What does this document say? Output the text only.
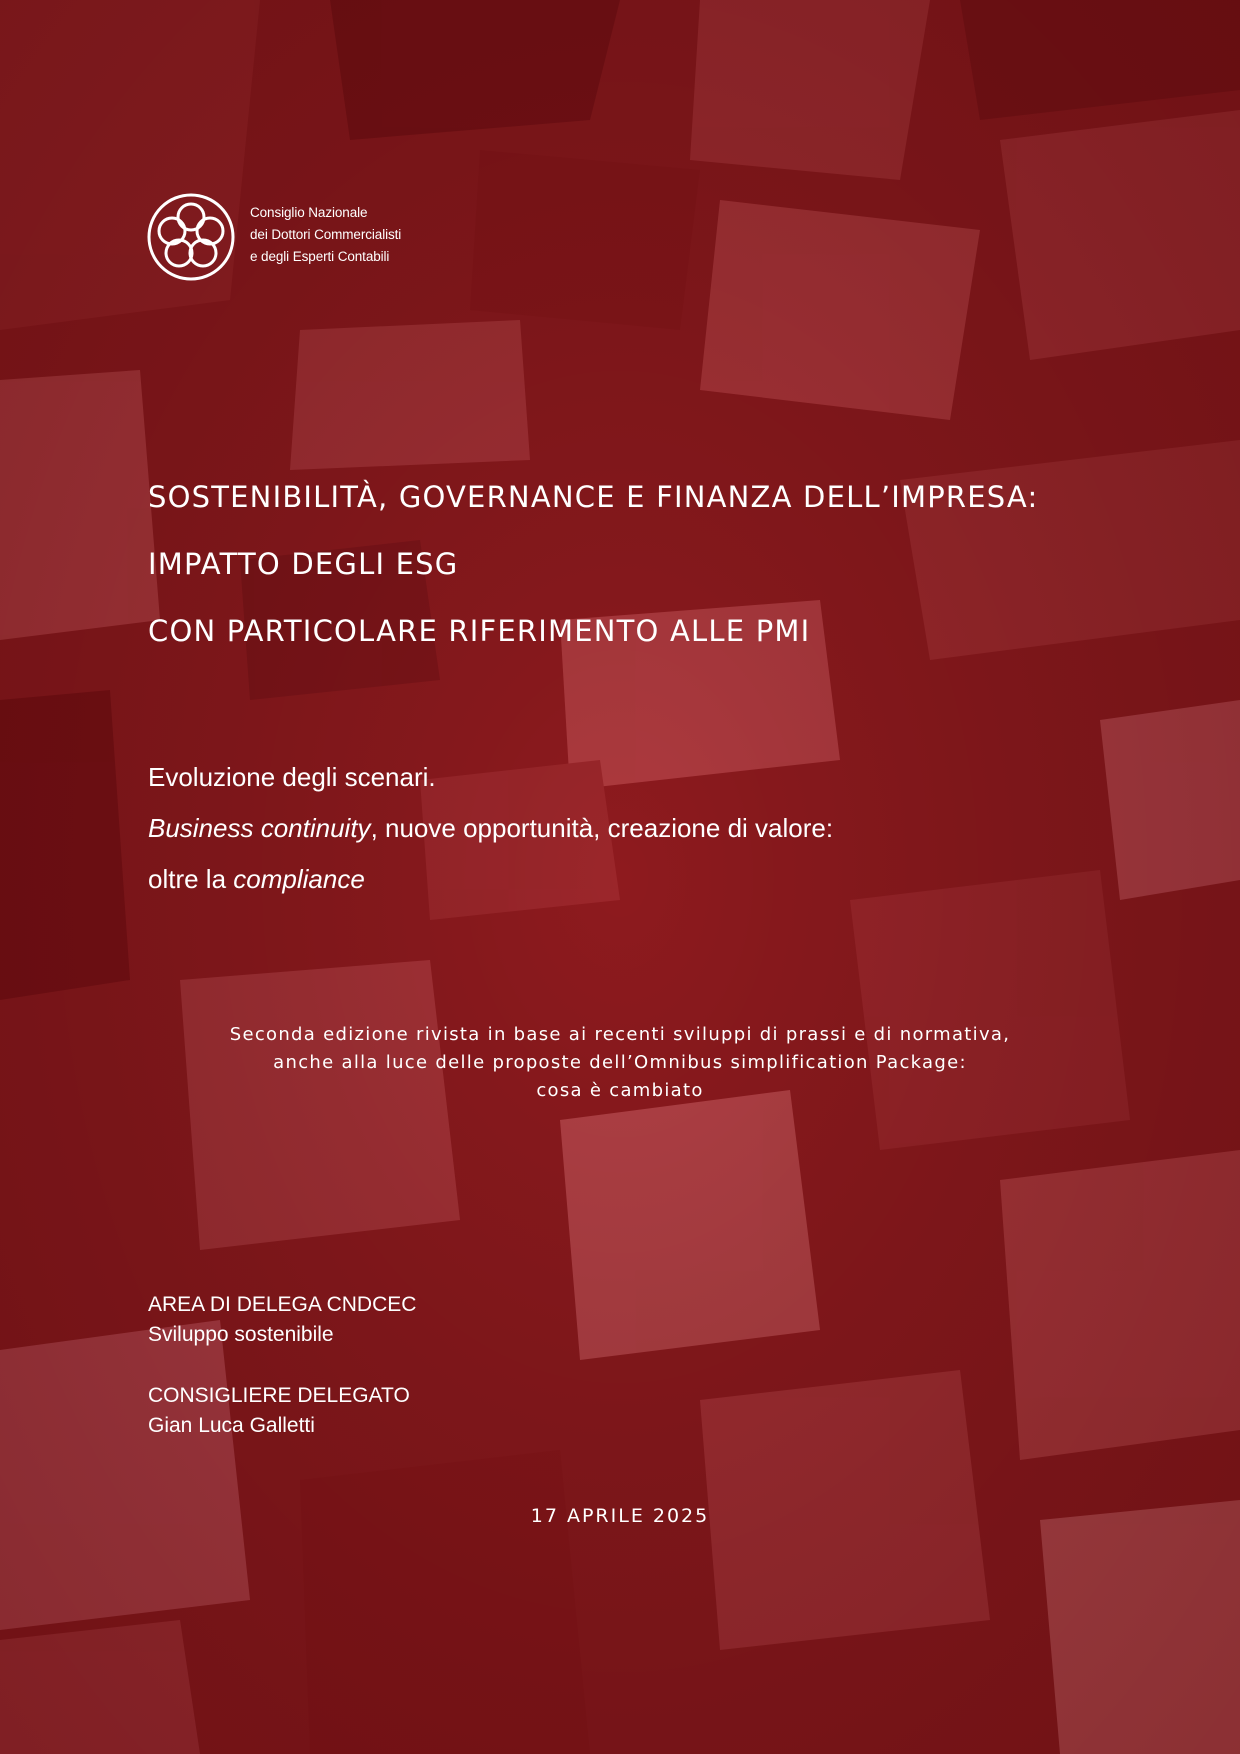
Consiglio Nazionale
dei Dottori Commercialisti
e degli Esperti Contabili
SOSTENIBILITÀ, GOVERNANCE E FINANZA DELL’IMPRESA:
IMPATTO DEGLI ESG
CON PARTICOLARE RIFERIMENTO ALLE PMI
Evoluzione degli scenari.
Business continuity, nuove opportunità, creazione di valore:
oltre la compliance
Seconda edizione rivista in base ai recenti sviluppi di prassi e di normativa,
anche alla luce delle proposte dell’Omnibus simplification Package:
cosa è cambiato
AREA DI DELEGA CNDCEC
Sviluppo sostenibile
CONSIGLIERE DELEGATO
Gian Luca Galletti
17 APRILE 2025
